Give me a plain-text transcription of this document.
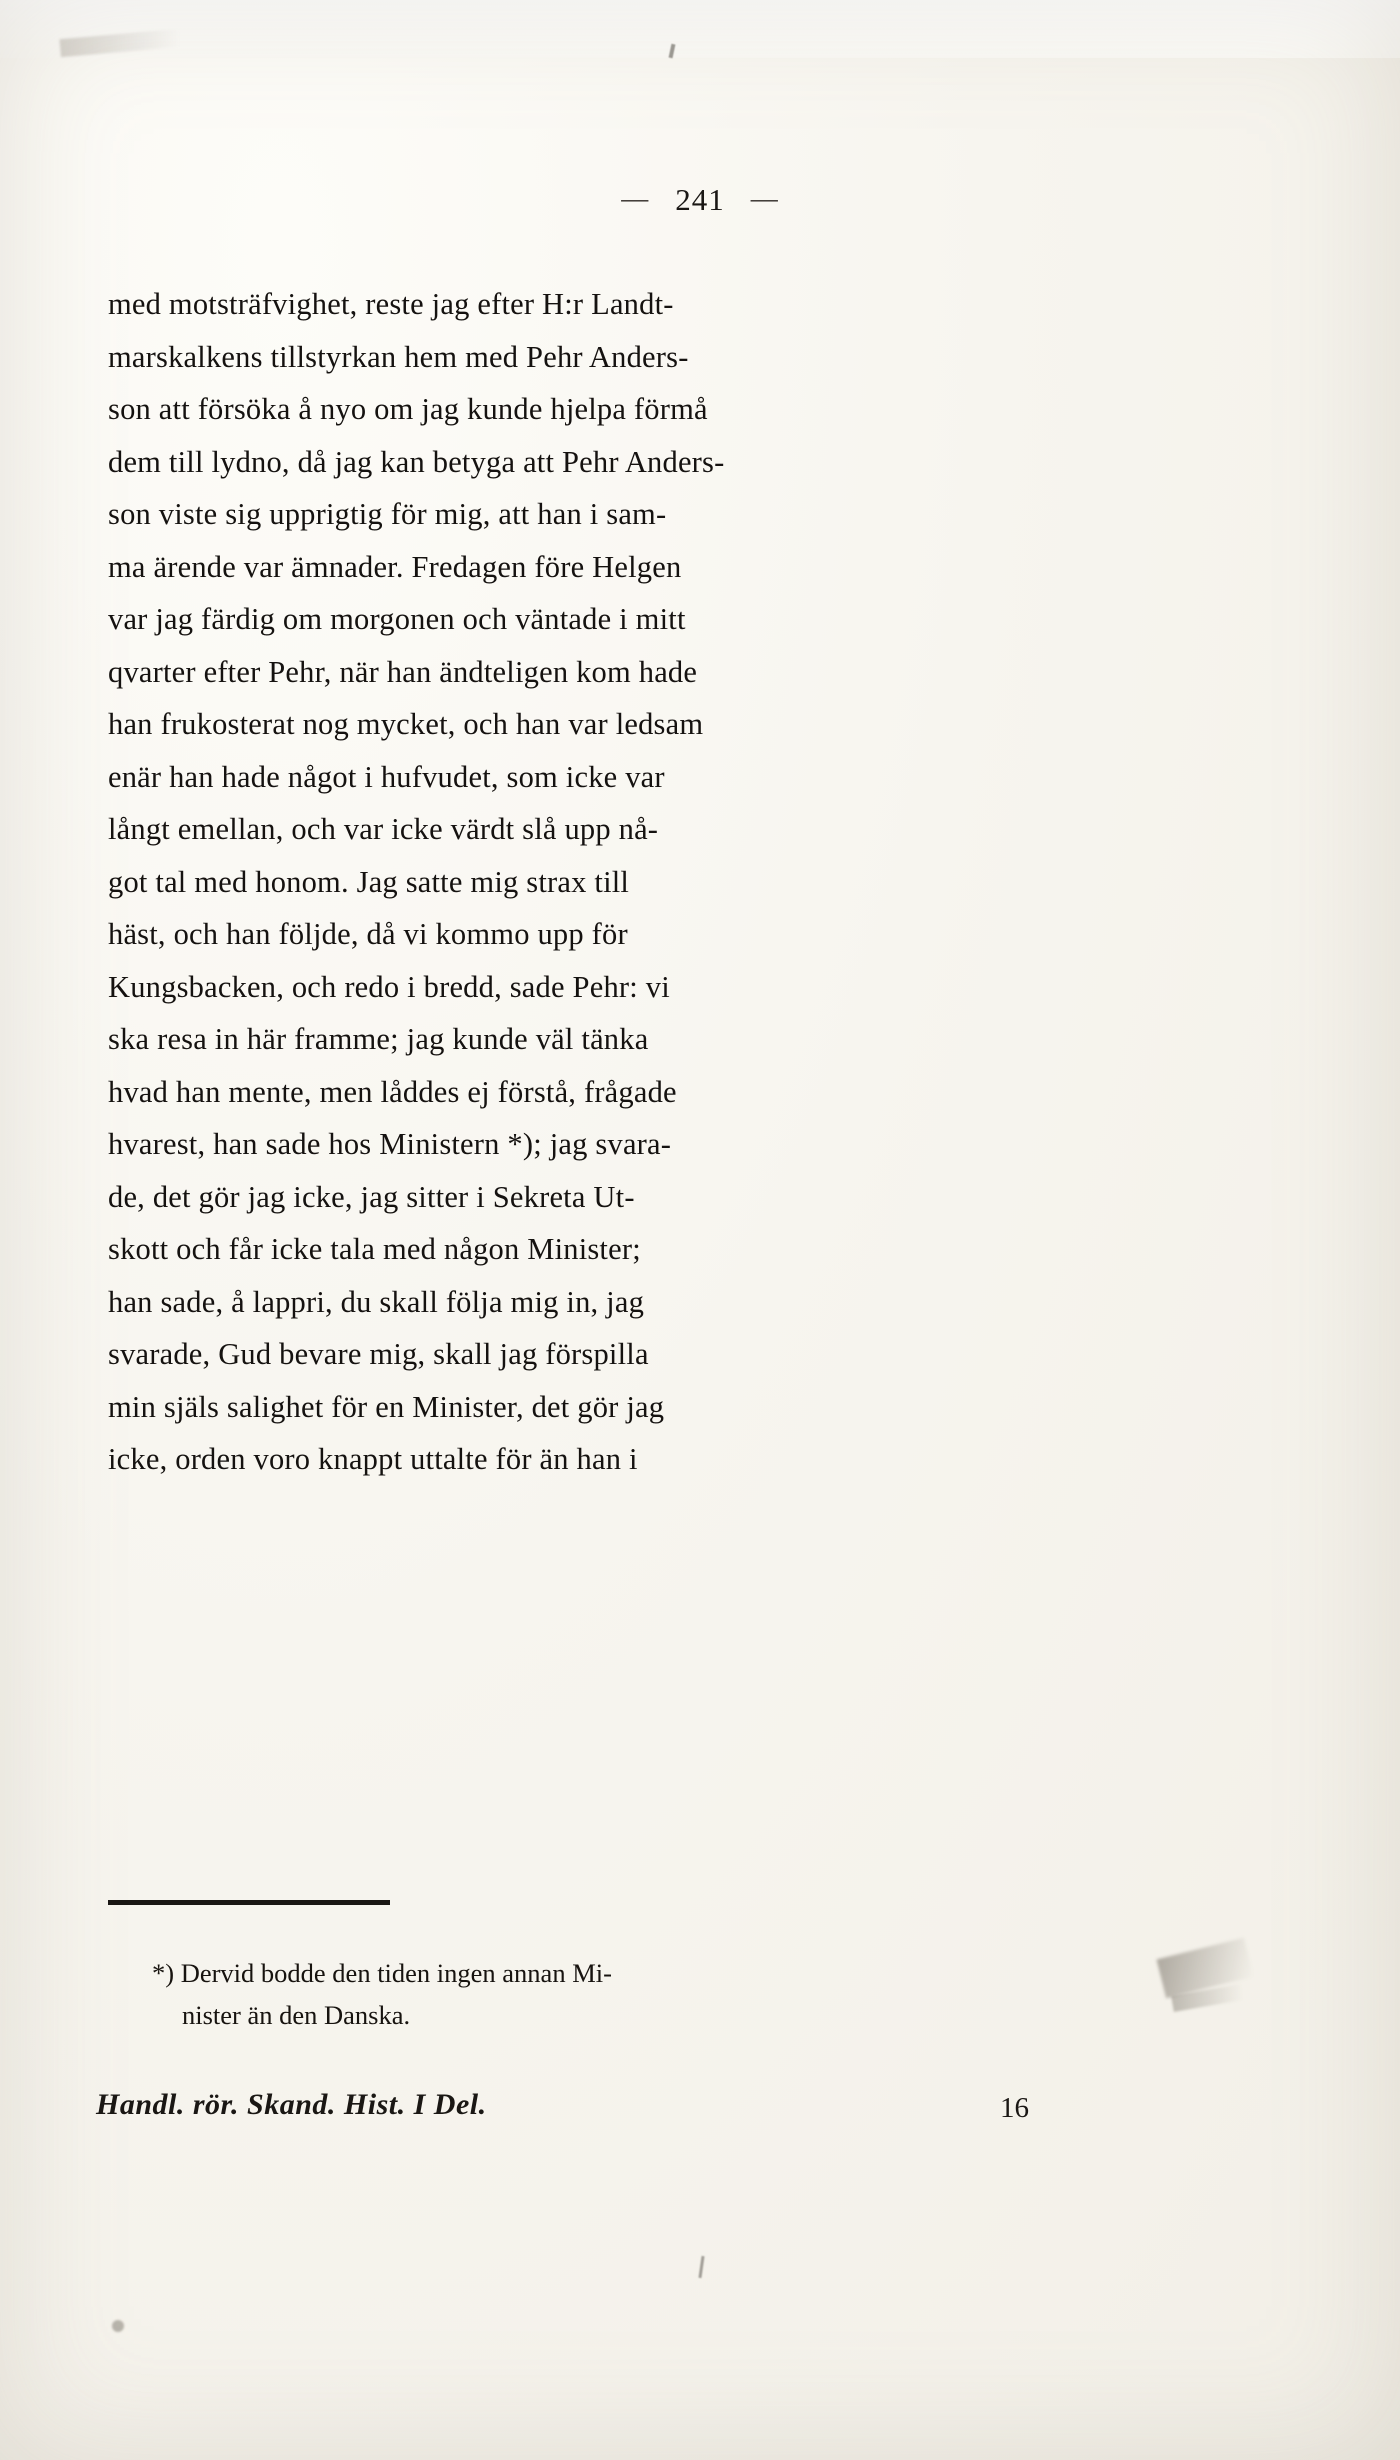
— 241 —

med motsträfvighet, reste jag efter H:r Landt-
marskalkens tillstyrkan hem med Pehr Anders-
son att försöka å nyo om jag kunde hjelpa förmå
dem till lydno, då jag kan betyga att Pehr Anders-
son viste sig upprigtig för mig, att han i sam-
ma ärende var ämnader. Fredagen före Helgen
var jag färdig om morgonen och väntade i mitt
qvarter efter Pehr, när han ändteligen kom hade
han frukosterat nog mycket, och han var ledsam
enär han hade något i hufvudet, som icke var
långt emellan, och var icke värdt slå upp nå-
got tal med honom. Jag satte mig strax till
häst, och han följde, då vi kommo upp för
Kungsbacken, och redo i bredd, sade Pehr: vi
ska resa in här framme; jag kunde väl tänka
hvad han mente, men låddes ej förstå, frågade
hvarest, han sade hos Ministern *); jag svara-
de, det gör jag icke, jag sitter i Sekreta Ut-
skott och får icke tala med någon Minister;
han sade, å lappri, du skall följa mig in, jag
svarade, Gud bevare mig, skall jag förspilla
min själs salighet för en Minister, det gör jag
icke, orden voro knappt uttalte för än han i

*) Dervid bodde den tiden ingen annan Mi-
nister än den Danska.
Handl. rör. Skand. Hist. I Del.	16
